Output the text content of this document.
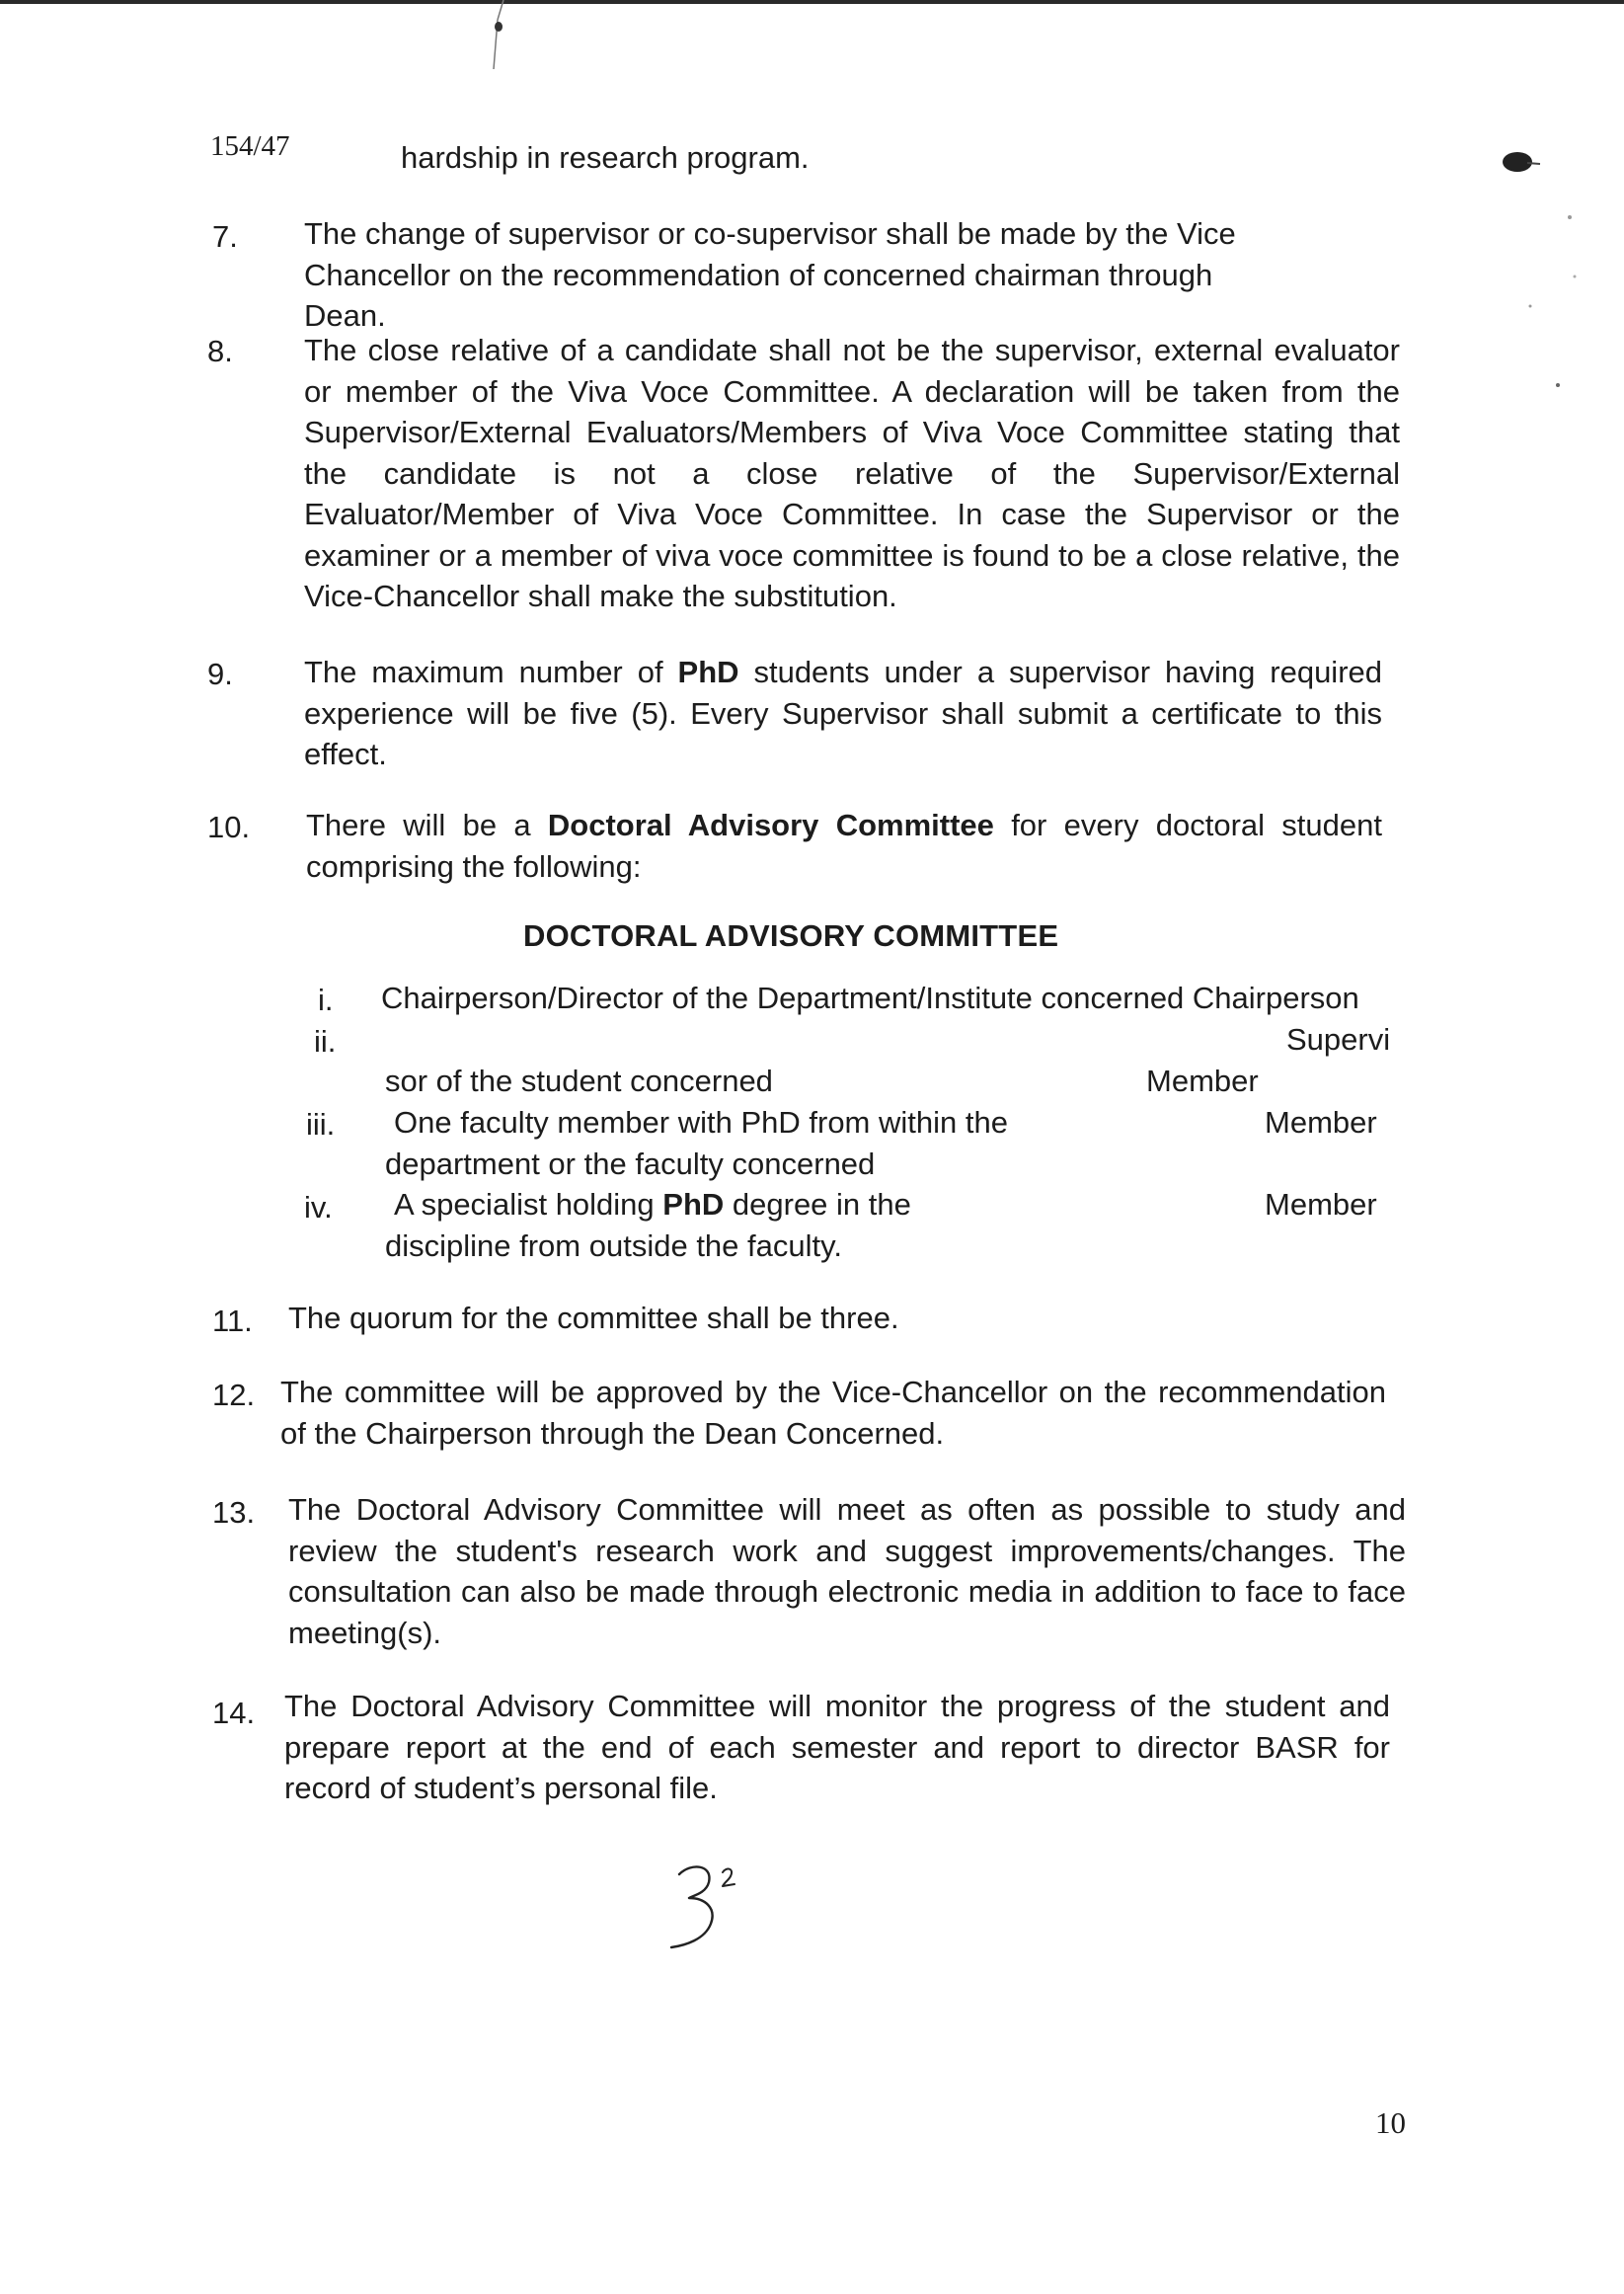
154/47	hardship in research program.
7. The change of supervisor or co-supervisor shall be made by the Vice Chancellor on the recommendation of concerned chairman through Dean.
8. The close relative of a candidate shall not be the supervisor, external evaluator or member of the Viva Voce Committee. A declaration will be taken from the Supervisor/External Evaluators/Members of Viva Voce Committee stating that the candidate is not a close relative of the Supervisor/External Evaluator/Member of Viva Voce Committee. In case the Supervisor or the examiner or a member of viva voce committee is found to be a close relative, the Vice-Chancellor shall make the substitution.
9. The maximum number of PhD students under a supervisor having required experience will be five (5). Every Supervisor shall submit a certificate to this effect.
10. There will be a Doctoral Advisory Committee for every doctoral student comprising the following:
DOCTORAL ADVISORY COMMITTEE
i. Chairperson/Director of the Department/Institute concerned Chairperson
ii.	Supervi
sor of the student concerned	Member
iii. One faculty member with PhD from within the	Member
department or the faculty concerned
iv. A specialist holding PhD degree in the	Member
discipline from outside the faculty.
11. The quorum for the committee shall be three.
12. The committee will be approved by the Vice-Chancellor on the recommendation of the Chairperson through the Dean Concerned.
13. The Doctoral Advisory Committee will meet as often as possible to study and review the student's research work and suggest improvements/changes. The consultation can also be made through electronic media in addition to face to face meeting(s).
14. The Doctoral Advisory Committee will monitor the progress of the student and prepare report at the end of each semester and report to director BASR for record of student’s personal file.
10
